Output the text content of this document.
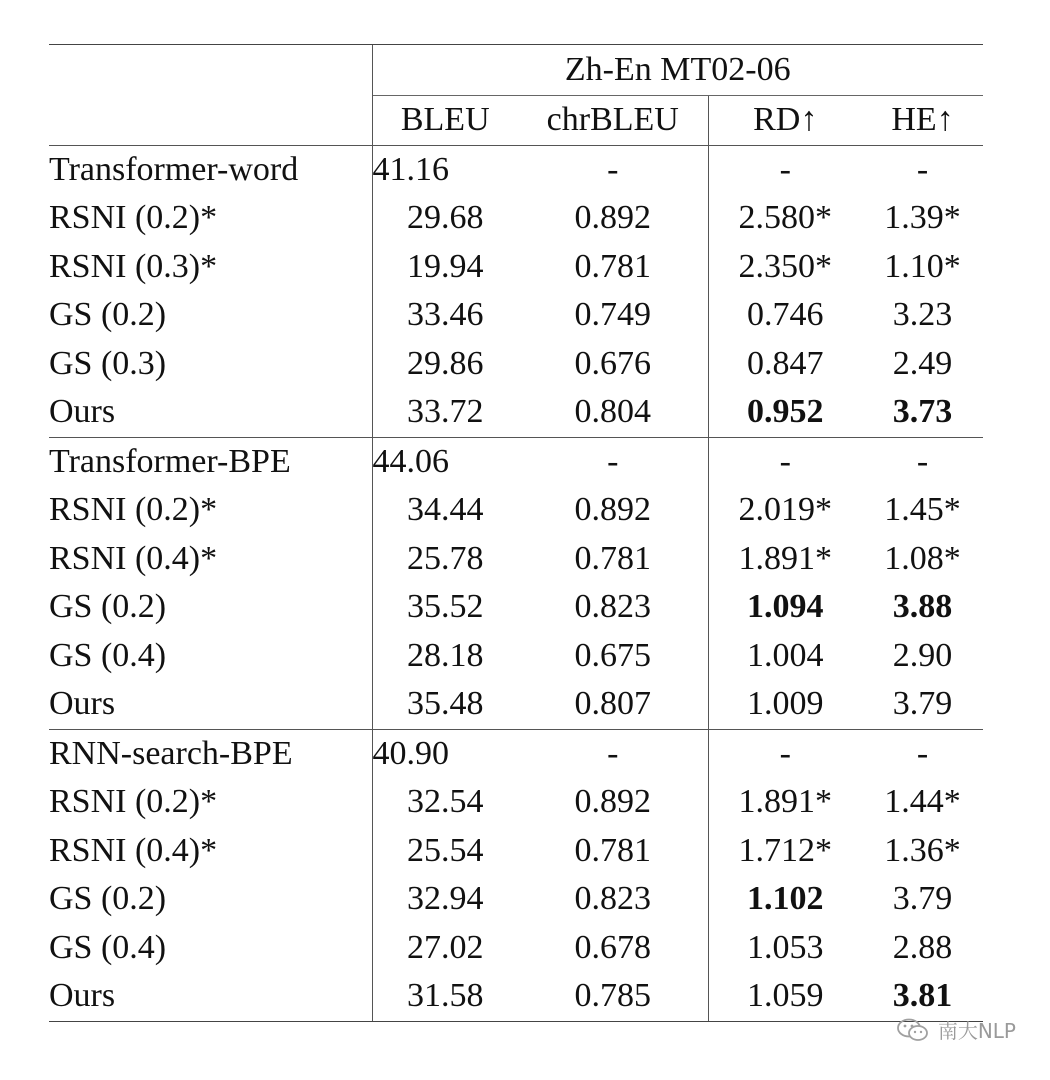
	Zh-En MT02-06			
	BLEU	chrBLEU	RD↑	HE↑
Transformer-word	41.16	-	-	-
RSNI (0.2)*	29.68	0.892	2.580*	1.39*
RSNI (0.3)*	19.94	0.781	2.350*	1.10*
GS (0.2)	33.46	0.749	0.746	3.23
GS (0.3)	29.86	0.676	0.847	2.49
Ours	33.72	0.804	0.952	3.73
Transformer-BPE	44.06	-	-	-
RSNI (0.2)*	34.44	0.892	2.019*	1.45*
RSNI (0.4)*	25.78	0.781	1.891*	1.08*
GS (0.2)	35.52	0.823	1.094	3.88
GS (0.4)	28.18	0.675	1.004	2.90
Ours	35.48	0.807	1.009	3.79
RNN-search-BPE	40.90	-	-	-
RSNI (0.2)*	32.54	0.892	1.891*	1.44*
RSNI (0.4)*	25.54	0.781	1.712*	1.36*
GS (0.2)	32.94	0.823	1.102	3.79
GS (0.4)	27.02	0.678	1.053	2.88
Ours	31.58	0.785	1.059	3.81
南大NLP
